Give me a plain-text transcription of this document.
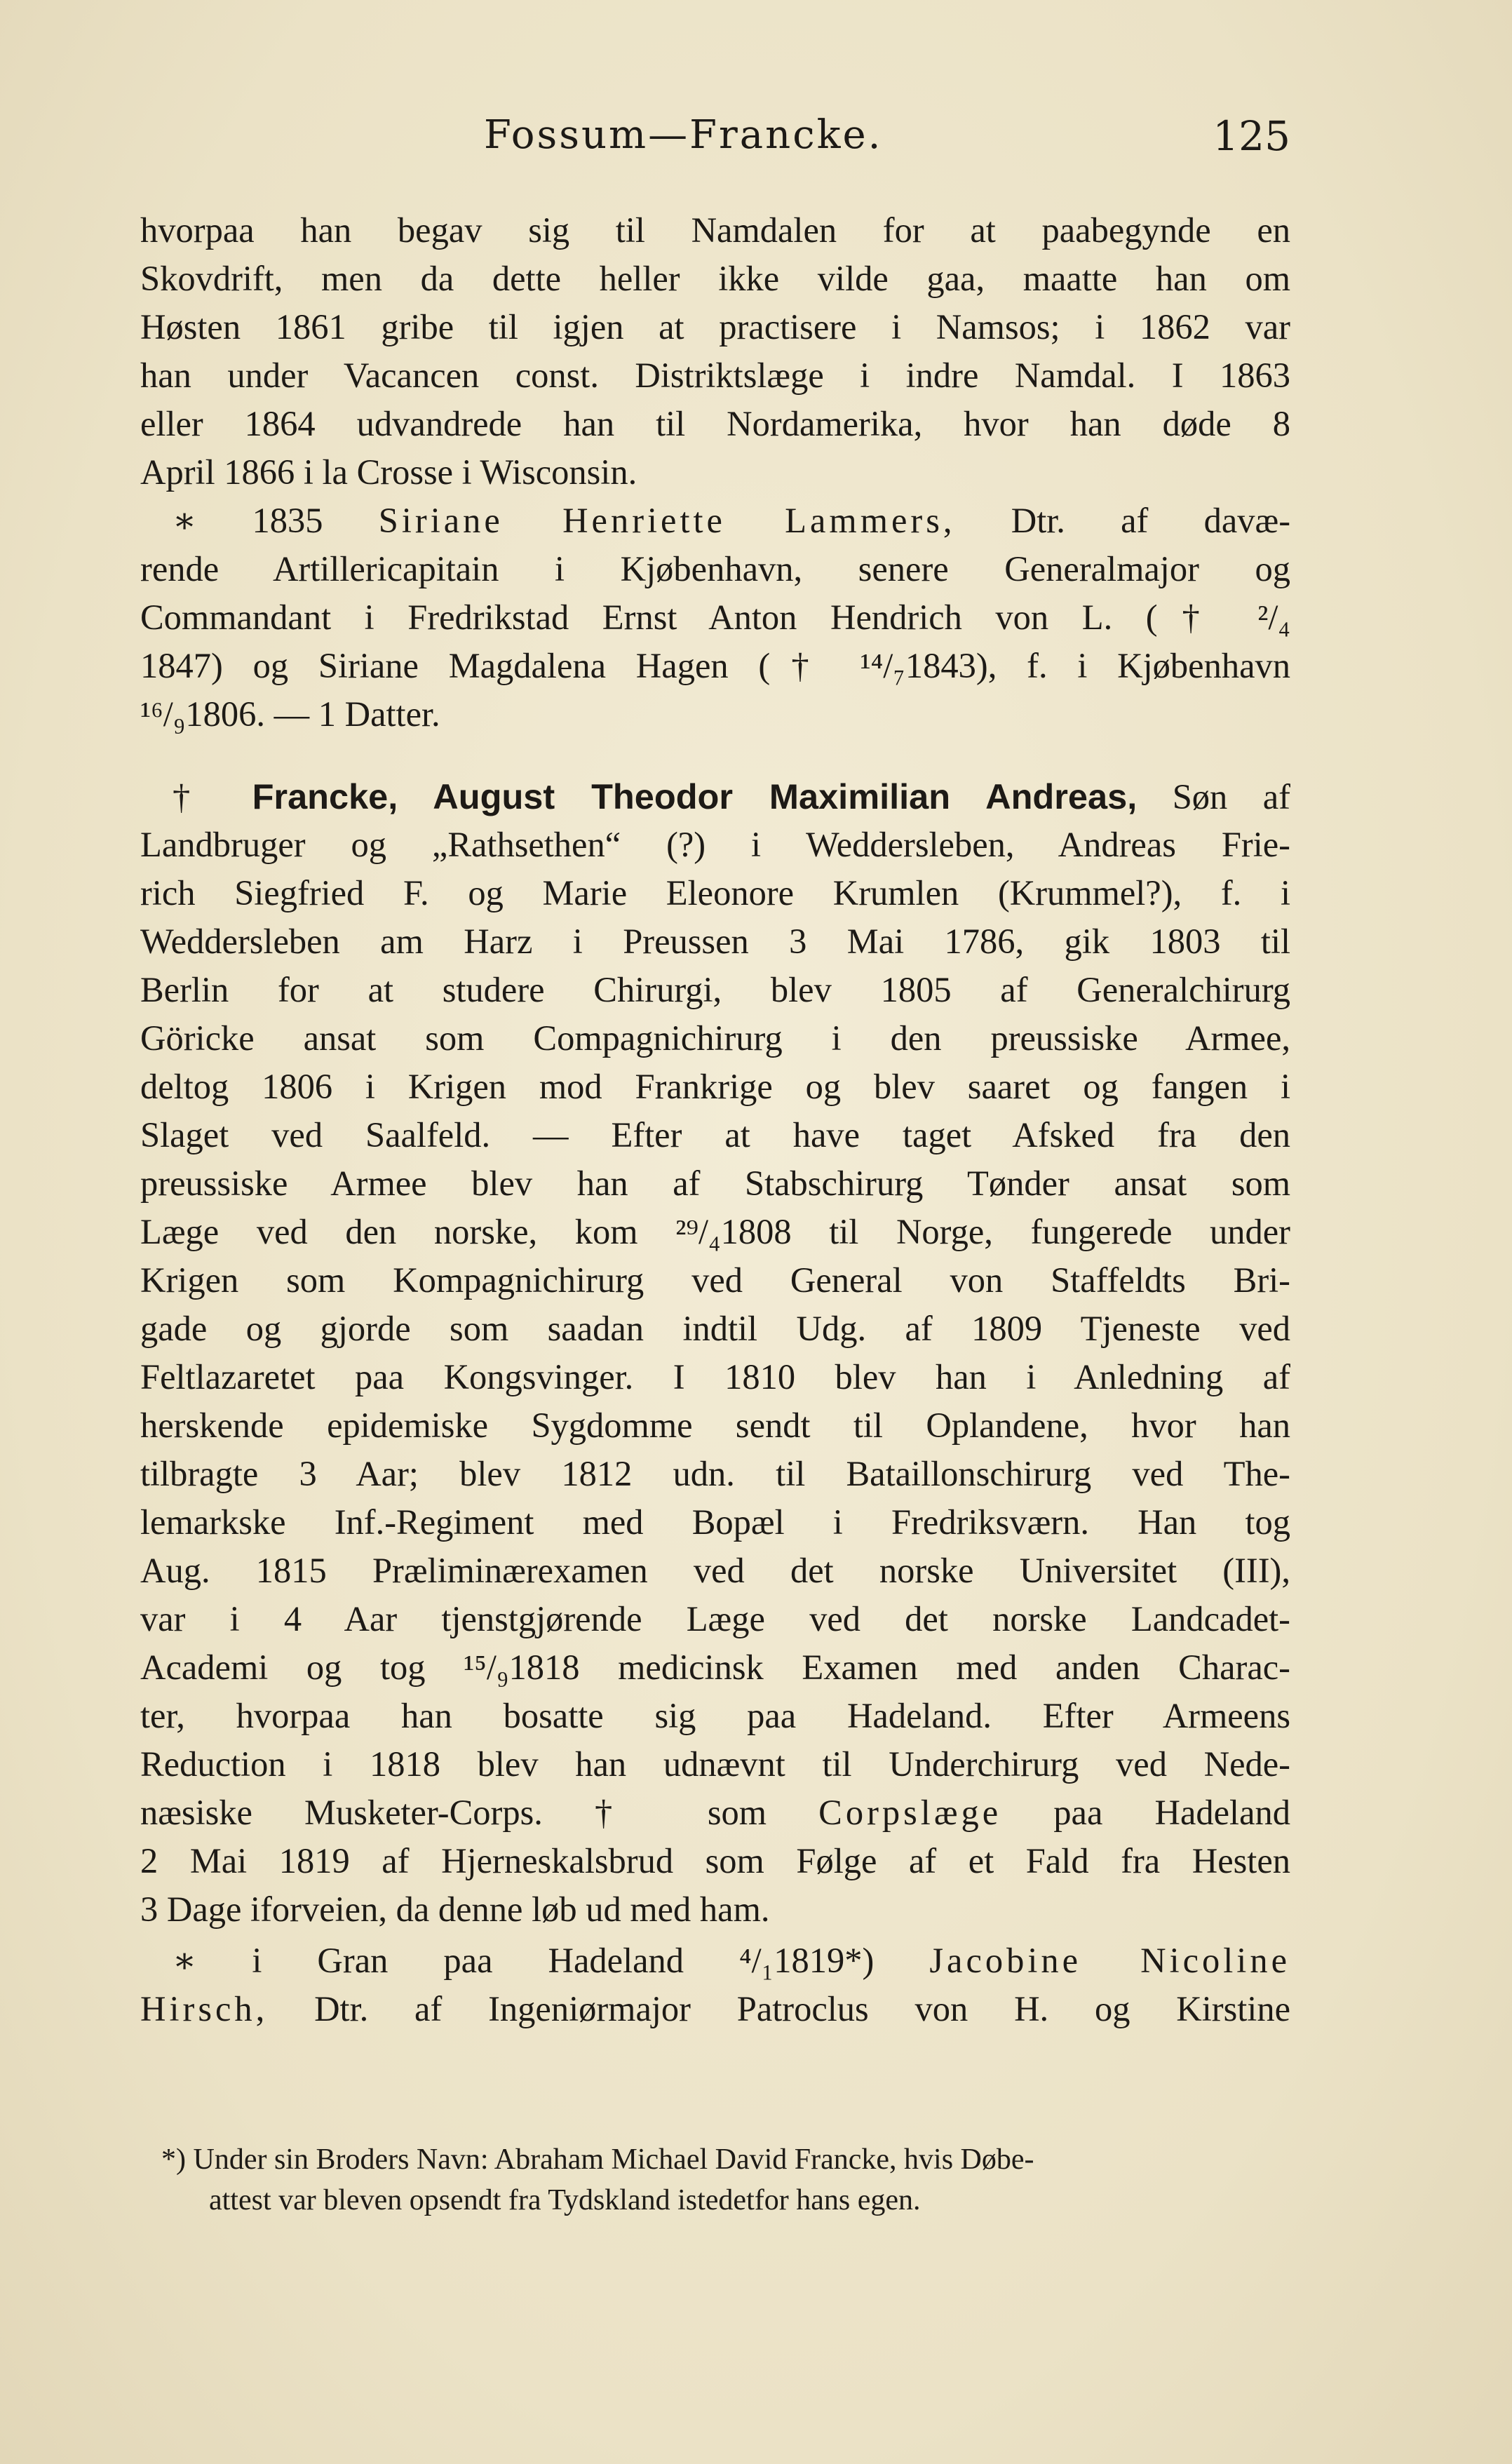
Fossum—Francke.	125
hvorpaa han begav sig til Namdalen for at paabegynde en
Skovdrift, men da dette heller ikke vilde gaa, maatte han om
Høsten 1861 gribe til igjen at practisere i Namsos; i 1862 var
han under Vacancen const. Distriktslæge i indre Namdal. I 1863
eller 1864 udvandrede han til Nordamerika, hvor han døde 8
April 1866 i la Crosse i Wisconsin.
∗ 1835 Siriane Henriette Lammers, Dtr. af davæ-
rende Artillericapitain i Kjøbenhavn, senere Generalmajor og
Commandant i Fredrikstad Ernst Anton Hendrich von L. († ²/₄
1847) og Siriane Magdalena Hagen († ¹⁴/₇1843), f. i Kjøbenhavn
¹⁶/₉1806. — 1 Datter.
† Francke, August Theodor Maximilian Andreas, Søn af
Landbruger og „Rathsethen“ (?) i Weddersleben, Andreas Frie-
rich Siegfried F. og Marie Eleonore Krumlen (Krummel?), f. i
Weddersleben am Harz i Preussen 3 Mai 1786, gik 1803 til
Berlin for at studere Chirurgi, blev 1805 af Generalchirurg
Göricke ansat som Compagnichirurg i den preussiske Armee,
deltog 1806 i Krigen mod Frankrige og blev saaret og fangen i
Slaget ved Saalfeld. — Efter at have taget Afsked fra den
preussiske Armee blev han af Stabschirurg Tønder ansat som
Læge ved den norske, kom ²⁹/₄1808 til Norge, fungerede under
Krigen som Kompagnichirurg ved General von Staffeldts Bri-
gade og gjorde som saadan indtil Udg. af 1809 Tjeneste ved
Feltlazaretet paa Kongsvinger. I 1810 blev han i Anledning af
herskende epidemiske Sygdomme sendt til Oplandene, hvor han
tilbragte 3 Aar; blev 1812 udn. til Bataillonschirurg ved The-
lemarkske Inf.-Regiment med Bopæl i Fredriksværn. Han tog
Aug. 1815 Præliminærexamen ved det norske Universitet (III),
var i 4 Aar tjenstgjørende Læge ved det norske Landcadet-
Academi og tog ¹⁵/₉1818 medicinsk Examen med anden Charac-
ter, hvorpaa han bosatte sig paa Hadeland. Efter Armeens
Reduction i 1818 blev han udnævnt til Underchirurg ved Nede-
næsiske Musketer-Corps. † som Corpslæge paa Hadeland
2 Mai 1819 af Hjerneskalsbrud som Følge af et Fald fra Hesten
3 Dage iforveien, da denne løb ud med ham.
∗ i Gran paa Hadeland ⁴/₁1819*) Jacobine Nicoline
Hirsch, Dtr. af Ingeniørmajor Patroclus von H. og Kirstine
*) Under sin Broders Navn: Abraham Michael David Francke, hvis Døbe-
attest var bleven opsendt fra Tydskland istedetfor hans egen.
